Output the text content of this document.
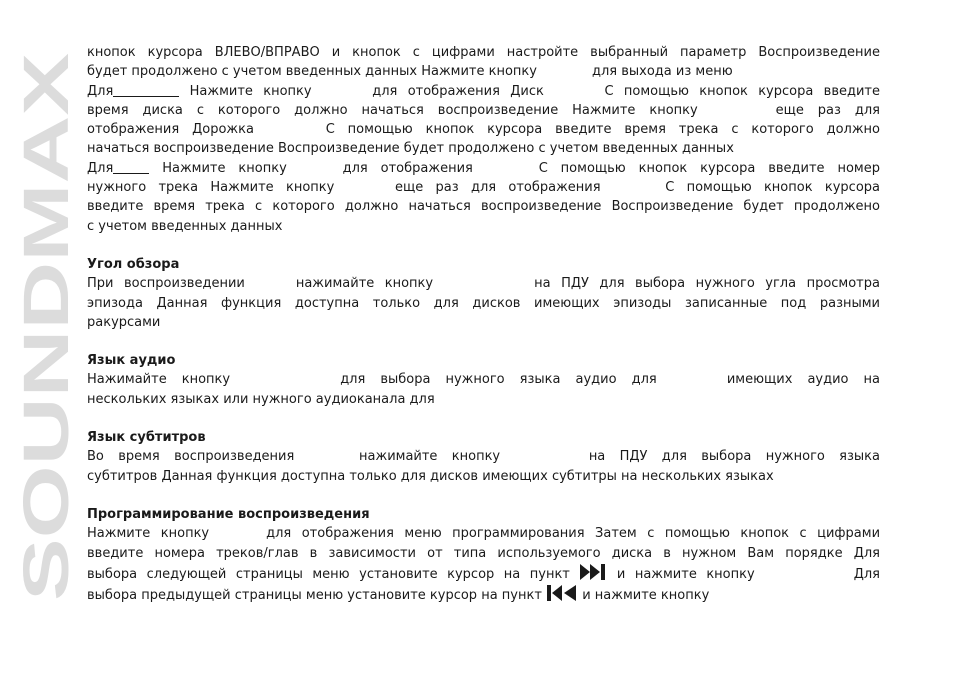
SOUNDMAX
кнопок курсора ВЛЕВО/ВПРАВО и кнопок с цифрами настройте выбранный параметр Воспроизведение
будет продолжено с учетом введенных данных Нажмите кнопку	для выхода из меню
Для	Нажмите кнопку	для отображения Диск	С помощью кнопок курсора введите
время диска с которого должно начаться воспроизведение Нажмите кнопку	еще раз для
отображения Дорожка	С помощью кнопок курсора введите время трека с которого должно
начаться воспроизведение Воспроизведение будет продолжено с учетом введенных данных
Для	Нажмите кнопку	для отображения	С помощью кнопок курсора введите номер
нужного трека Нажмите кнопку	еще раз для отображения	С помощью кнопок курсора
введите время трека с которого должно начаться воспроизведение Воспроизведение будет продолжено
с учетом введенных данных
Угол обзора
При воспроизведении	нажимайте кнопку	на ПДУ для выбора нужного угла просмотра
эпизода Данная функция доступна только для дисков имеющих эпизоды записанные под разными
ракурсами
Язык аудио
Нажимайте кнопку	для выбора нужного языка аудио для	имеющих аудио на
нескольких языках или нужного аудиоканала для
Язык субтитров
Во время воспроизведения	нажимайте кнопку	на ПДУ для выбора нужного языка
субтитров Данная функция доступна только для дисков имеющих субтитры на нескольких языках
Программирование воспроизведения
Нажмите кнопку	для отображения меню программирования Затем с помощью кнопок с цифрами
введите номера треков/глав в зависимости от типа используемого диска в нужном Вам порядке Для
выбора следующей страницы меню установите курсор на пункт	и нажмите кнопку	Для
выбора предыдущей страницы меню установите курсор на пункт	и нажмите кнопку
